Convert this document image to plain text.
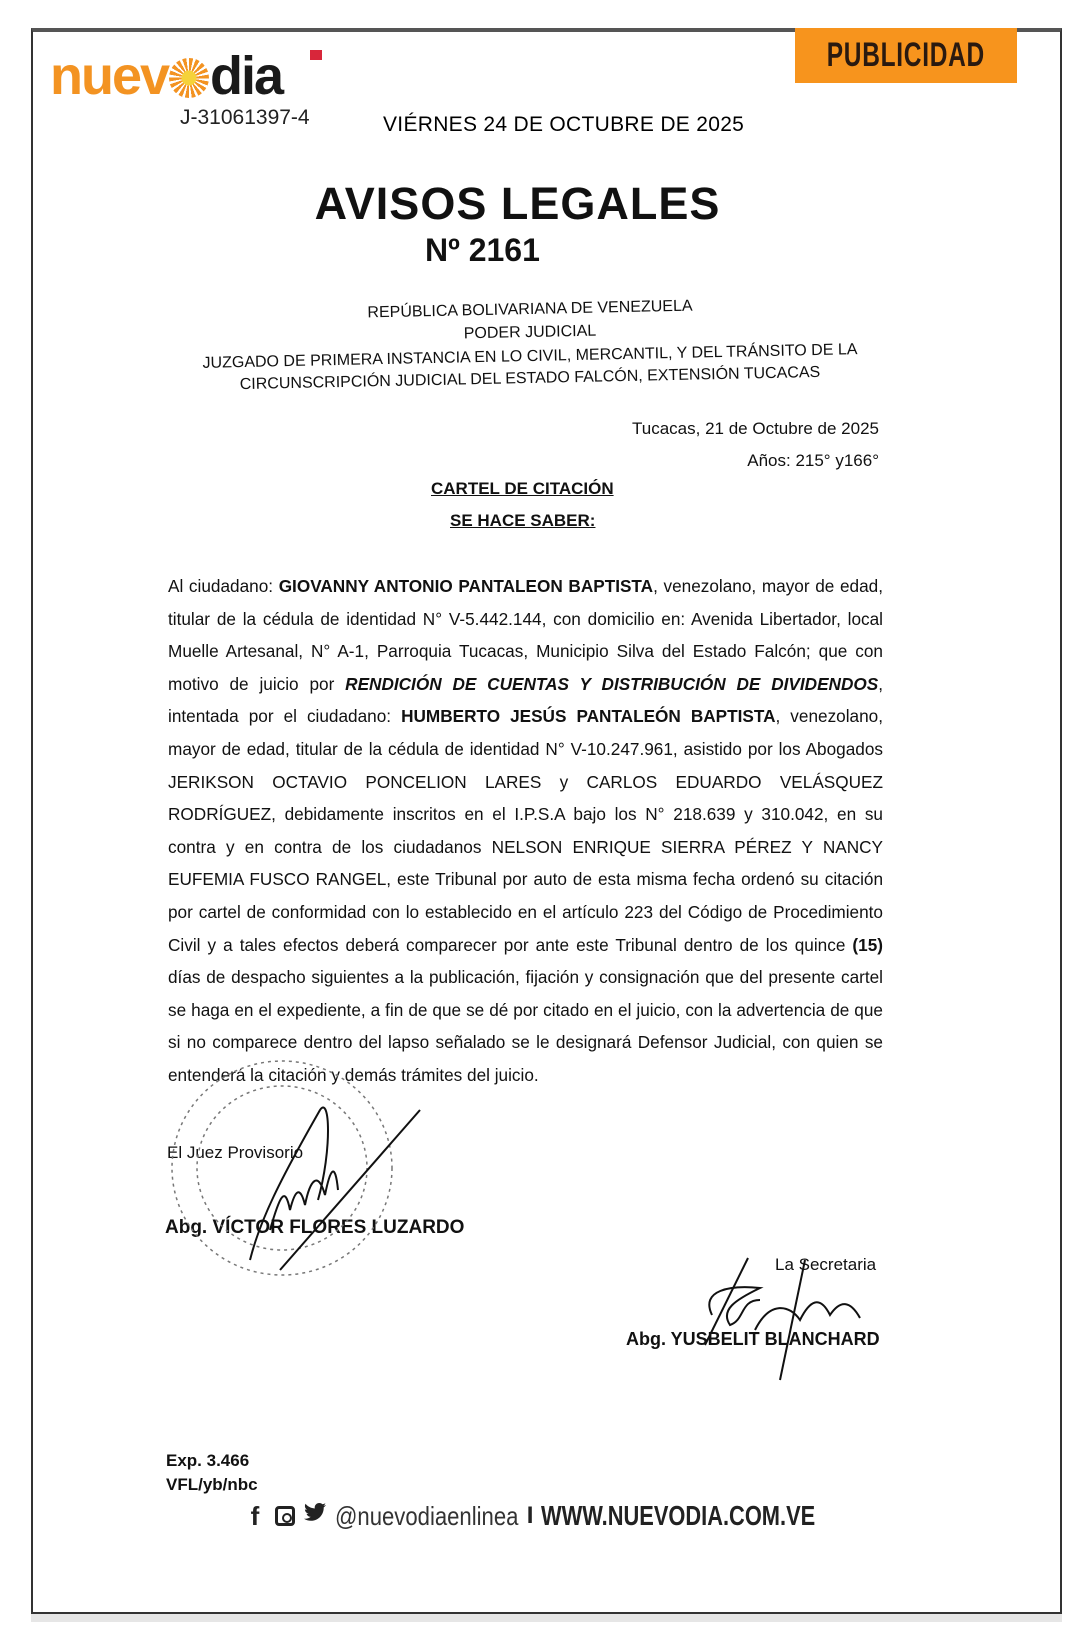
nuev dia
J-31061397-4	VIÉRNES 24 DE OCTUBRE DE 2025
PUBLICIDAD
AVISOS LEGALES
Nº 2161
REPÚBLICA BOLIVARIANA DE VENEZUELA
PODER JUDICIAL
JUZGADO DE PRIMERA INSTANCIA EN LO CIVIL, MERCANTIL, Y DEL TRÁNSITO DE LA
CIRCUNSCRIPCIÓN JUDICIAL DEL ESTADO FALCÓN, EXTENSIÓN TUCACAS
Tucacas, 21 de Octubre de 2025
Años: 215° y166°
CARTEL DE CITACIÓN
SE HACE SABER:
Al ciudadano: GIOVANNY ANTONIO PANTALEON BAPTISTA, venezolano, mayor de edad, titular de la cédula de identidad N° V-5.442.144, con domicilio en: Avenida Libertador, local Muelle Artesanal, N° A-1, Parroquia Tucacas, Municipio Silva del Estado Falcón; que con motivo de juicio por RENDICIÓN DE CUENTAS Y DISTRIBUCIÓN DE DIVIDENDOS, intentada por el ciudadano: HUMBERTO JESÚS PANTALEÓN BAPTISTA, venezolano, mayor de edad, titular de la cédula de identidad N° V-10.247.961, asistido por los Abogados JERIKSON OCTAVIO PONCELION LARES y CARLOS EDUARDO VELÁSQUEZ RODRÍGUEZ, debidamente inscritos en el I.P.S.A bajo los N° 218.639 y 310.042, en su contra y en contra de los ciudadanos NELSON ENRIQUE SIERRA PÉREZ Y NANCY EUFEMIA FUSCO RANGEL, este Tribunal por auto de esta misma fecha ordenó su citación por cartel de conformidad con lo establecido en el artículo 223 del Código de Procedimiento Civil y a tales efectos deberá comparecer por ante este Tribunal dentro de los quince (15) días de despacho siguientes a la publicación, fijación y consignación que del presente cartel se haga en el expediente, a fin de que se dé por citado en el juicio, con la advertencia de que si no comparece dentro del lapso señalado se le designará Defensor Judicial, con quien se entenderá la citación y demás trámites del juicio.
El Juez Provisorio
Abg. VÍCTOR FLORES LUZARDO
La Secretaria
Abg. YUSBELIT BLANCHARD
Exp. 3.466
VFL/yb/nbc
f	@nuevodiaenlinea I WWW.NUEVODIA.COM.VE
